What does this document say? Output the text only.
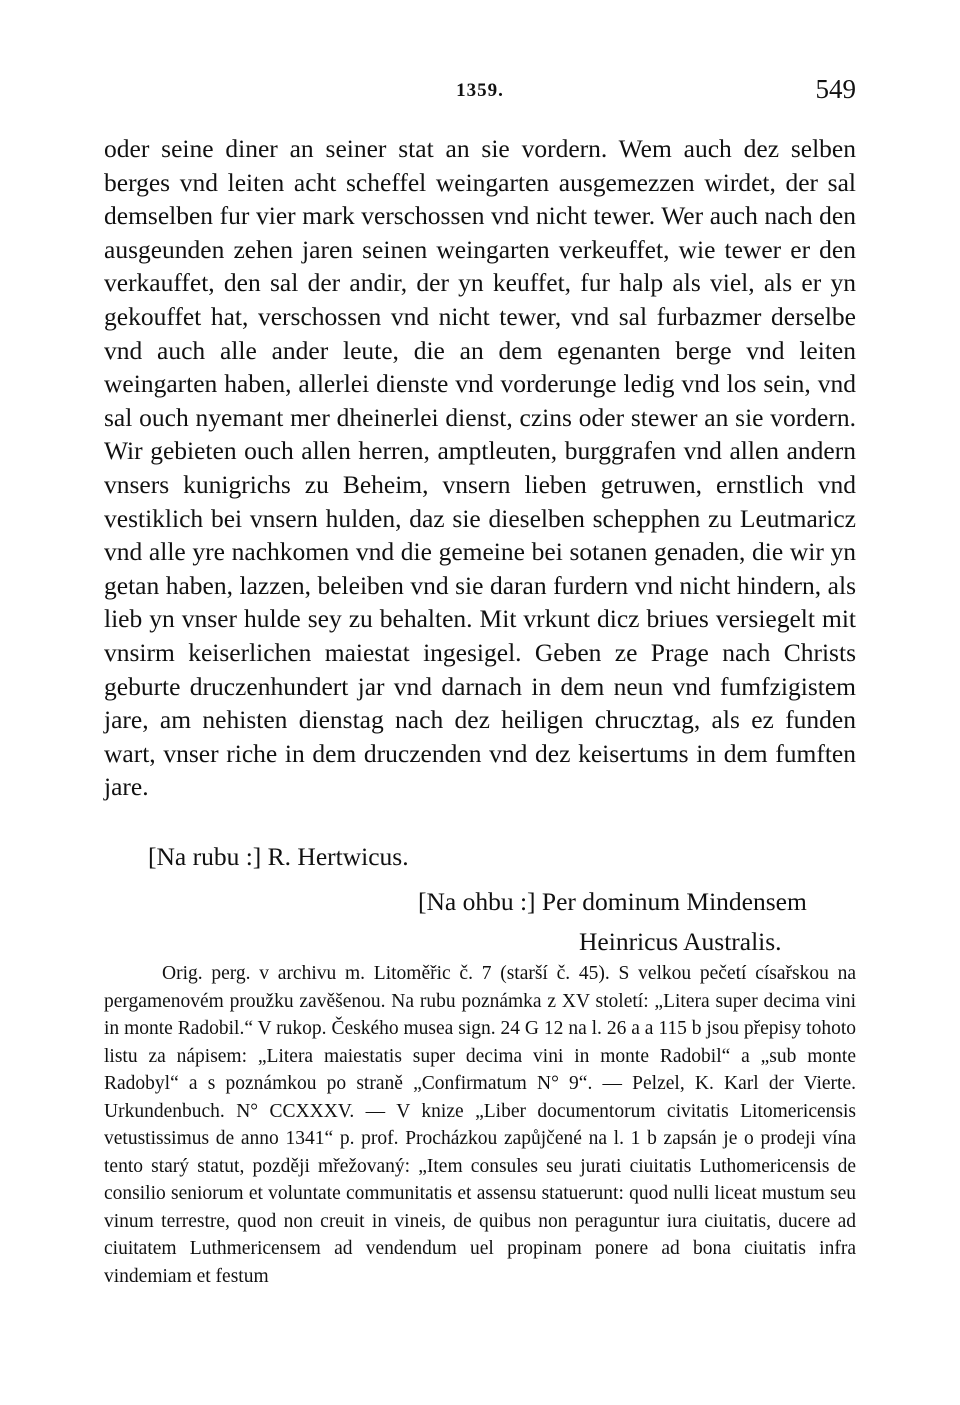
1359.	549

oder seine diner an seiner stat an sie vordern. Wem auch dez selben berges vnd leiten acht scheffel weingarten ausgemezzen wirdet, der sal demselben fur vier mark verschossen vnd nicht tewer. Wer auch nach den ausgeunden zehen jaren seinen weingarten verkeuffet, wie tewer er den verkauffet, den sal der andir, der yn keuffet, fur halp als viel, als er yn gekouffet hat, verschossen vnd nicht tewer, vnd sal furbazmer derselbe vnd auch alle ander leute, die an dem egenanten berge vnd leiten weingarten haben, allerlei dienste vnd vorderunge ledig vnd los sein, vnd sal ouch nyemant mer dheinerlei dienst, czins oder stewer an sie vordern. Wir gebieten ouch allen herren, amptleuten, burggrafen vnd allen andern vnsers kunigrichs zu Beheim, vnsern lieben getruwen, ernstlich vnd vestiklich bei vnsern hulden, daz sie dieselben schepphen zu Leutmaricz vnd alle yre nachkomen vnd die gemeine bei sotanen genaden, die wir yn getan haben, lazzen, beleiben vnd sie daran furdern vnd nicht hindern, als lieb yn vnser hulde sey zu behalten. Mit vrkunt dicz briues versiegelt mit vnsirm keiserlichen maiestat ingesigel. Geben ze Prage nach Christs geburte druczenhundert jar vnd darnach in dem neun vnd fumfzigistem jare, am nehisten dienstag nach dez heiligen chrucztag, als ez funden wart, vnser riche in dem druczenden vnd dez keisertums in dem fumften jare.

[Na rubu :] R. Hertwicus.
[Na ohbu :] Per dominum Mindensem
Heinricus Australis.

Orig. perg. v archivu m. Litoměřic č. 7 (starší č. 45). S velkou pečetí císařskou na pergamenovém proužku zavěšenou. Na rubu poznámka z XV století: „Litera super decima vini in monte Radobil.“ V rukop. Českého musea sign. 24 G 12 na l. 26 a a 115 b jsou přepisy tohoto listu za nápisem: „Litera maiestatis super decima vini in monte Radobil“ a „sub monte Radobyl“ a s poznámkou po straně „Confirmatum N° 9“. — Pelzel, K. Karl der Vierte. Urkundenbuch. N° CCXXXV. — V knize „Liber documentorum civitatis Litomericensis vetustissimus de anno 1341“ p. prof. Procházkou zapůjčené na l. 1 b zapsán je o prodeji vína tento starý statut, později mřežovaný: „Item consules seu jurati ciuitatis Luthomericensis de consilio seniorum et voluntate communitatis et assensu statuerunt: quod nulli liceat mustum seu vinum terrestre, quod non creuit in vineis, de quibus non peraguntur iura ciuitatis, ducere ad ciuitatem Luthmericensem ad vendendum uel propinam ponere ad bona ciuitatis infra vindemiam et festum
